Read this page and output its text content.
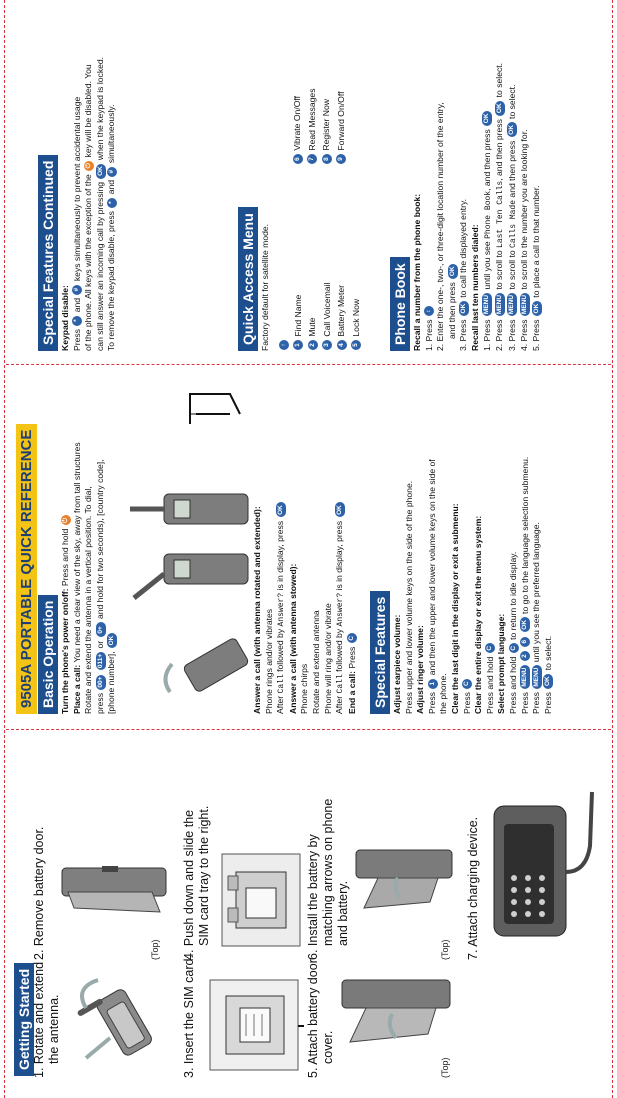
Getting Started 1. Rotate and extend the antenna.
2. Remove battery door.	(Top)
3. Insert the SIM card.
4. Push down and slide the SIM card tray to the right.
5. Attach battery door cover.
(Top)
6. Install the battery by matching arrows on phone and battery.
(Top) 7. Attach charging device.
9505A PORTABLE QUICK REFERENCE Basic Operation Turn the phone's power on/off: Press and hold ⏻
Place a call: You need a clear view of the sky, away from tall structures Rotate and extend the antenna in a vertical position. To dial, press 00+ 011+ or 0+ and hold for two seconds), [country code],
[phone number], OK	Answer a call (with antenna rotated and extended): Phone rings and/or vibrates After Call followed by Answer? is in display, press OK
Answer a call (with antenna stowed): Phone chirps Rotate and extend antenna Phone will ring and/or vibrate After Call followed by Answer? is in display, press OK
End a call: Press C Special Features Adjust earpiece volume: Press upper and lower volume keys on the side of the phone. Adjust ringer volume: Press 1 and then the upper and lower volume keys on the side of
the phone. Clear the last digit in the display or exit a submenu: Press C Clear the entire display or exit the menu system: Press and hold C Select prompt language: Press and hold C to return to idle display.
Press MENU 2 6 OK to go to the language selection submenu.
Press MENU until you see the preferred language.
Press OK to select.
Special Features Continued Keypad disable: Press * and # keys simultaneously to prevent accidental usage of the phone. All keys with the exception of the ⏻ key will be disabled. You
can still answer an incoming call by pressing OK when the keypad is locked.
To remove the keypad disable, press * and # simultaneously.
Quick Access Menu Factory default for satellite mode.	↑	1 Find Name
2 Mute
3 Call Voicemail
4 Battery Meter
5 Lock Now
6 Vibrate On/Off
7 Read Messages
8 Register Now
9 Forward On/Off
Phone Book Recall a number from the phone book: 1. Press ↕ 2. Enter the one-, two-, or three-digit location number of the entry, and then press OK
3. Press OK to call the displayed entry. Recall last ten numbers dialed: 1. Press MENU until you see Phone Book, and then press OK
2. Press MENU to scroll to Last Ten Calls, and then press OK to select.
3. Press MENU to scroll to Calls Made and then press OK to select.
4. Press MENU to scroll to the number you are looking for.
5. Press OK to place a call to that number.
